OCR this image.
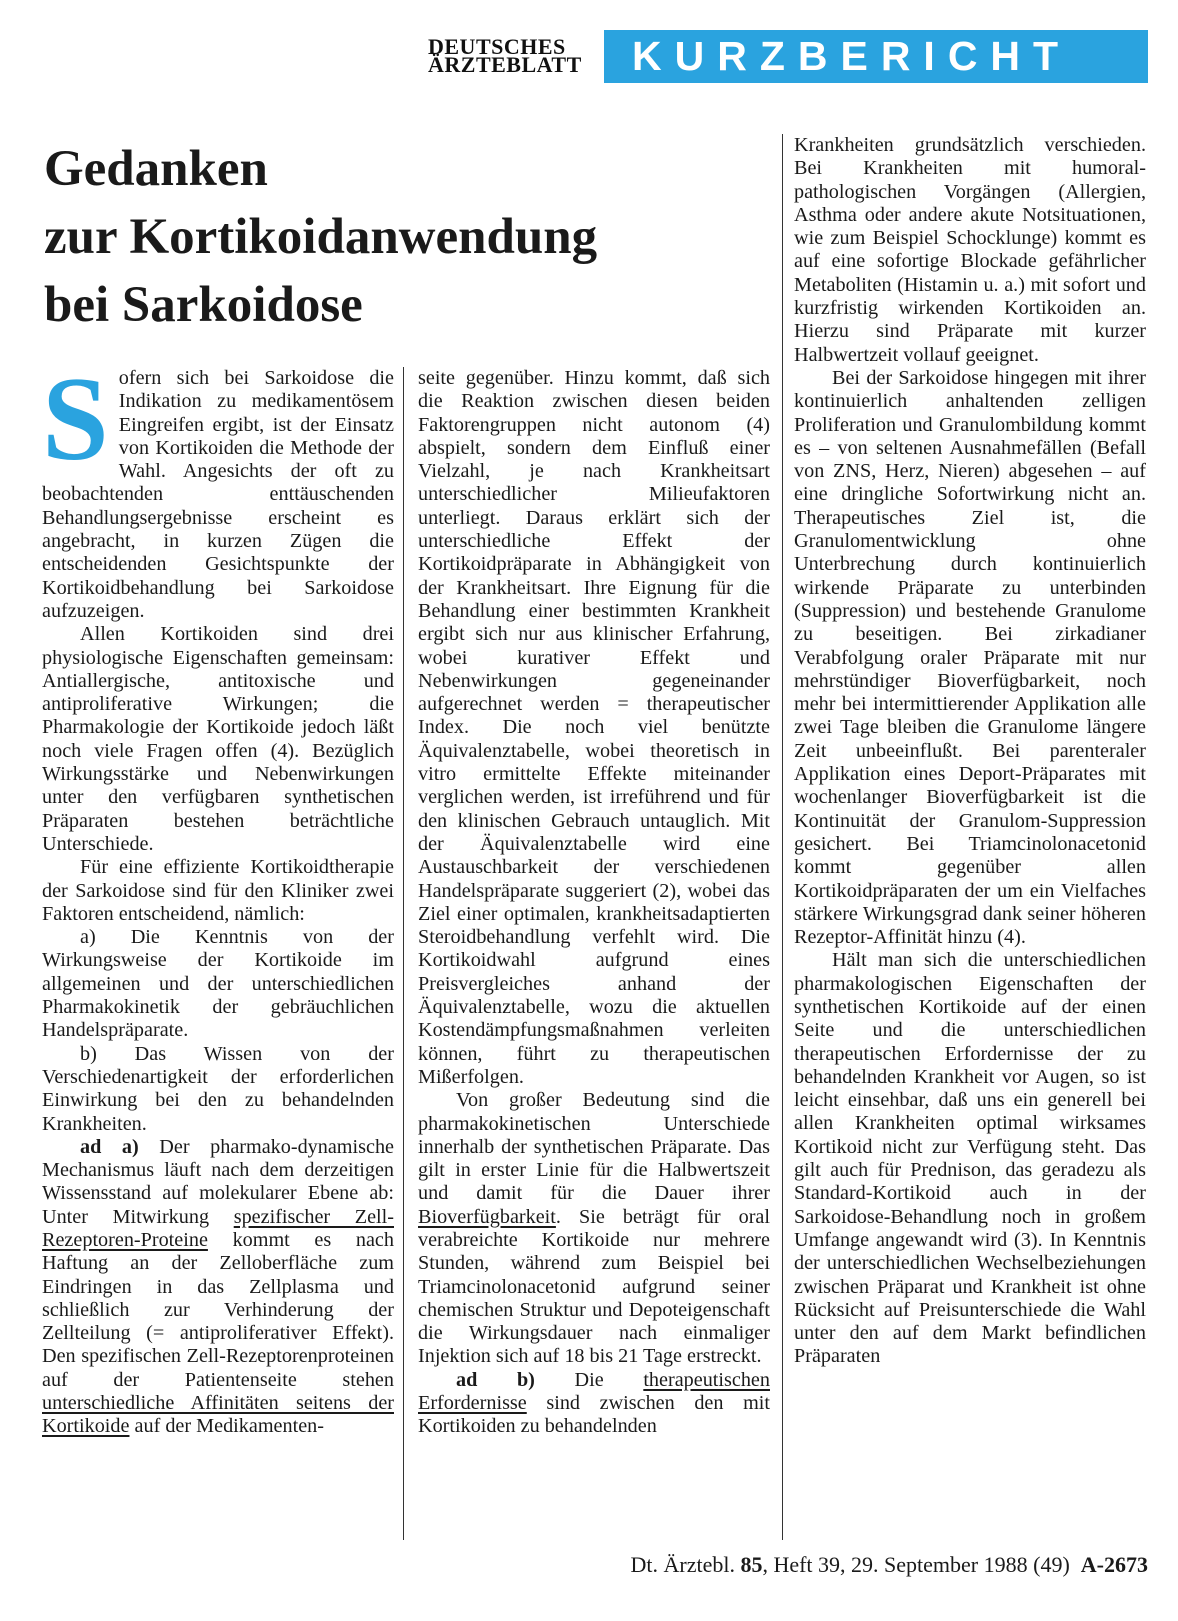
DEUTSCHES
ÄRZTEBLATT	KURZBERICHT
Gedanken
zur Kortikoidanwendung
bei Sarkoidose
S ofern sich bei Sarkoidose die Indikation zu medikamentösem Eingreifen ergibt, ist der Einsatz von Kortikoiden die Methode der Wahl. Angesichts der oft zu beobachtenden enttäuschenden Behandlungsergebnisse erscheint es angebracht, in kurzen Zügen die entscheidenden Gesichtspunkte der Kortikoidbehandlung bei Sarkoidose aufzuzeigen.

Allen Kortikoiden sind drei physiologische Eigenschaften gemeinsam: Antiallergische, antitoxische und antiproliferative Wirkungen; die Pharmakologie der Kortikoide jedoch läßt noch viele Fragen offen (4). Bezüglich Wirkungsstärke und Nebenwirkungen unter den verfügbaren synthetischen Präparaten bestehen beträchtliche Unterschiede.

Für eine effiziente Kortikoidtherapie der Sarkoidose sind für den Kliniker zwei Faktoren entscheidend, nämlich:

a) Die Kenntnis von der Wirkungsweise der Kortikoide im allgemeinen und der unterschiedlichen Pharmakokinetik der gebräuchlichen Handelspräparate.

b) Das Wissen von der Verschiedenartigkeit der erforderlichen Einwirkung bei den zu behandelnden Krankheiten.

ad a) Der pharmako-dynamische Mechanismus läuft nach dem derzeitigen Wissensstand auf molekularer Ebene ab: Unter Mitwirkung spezifischer Zell-Rezeptoren-Proteine kommt es nach Haftung an der Zelloberfläche zum Eindringen in das Zellplasma und schließlich zur Verhinderung der Zellteilung (= antiproliferativer Effekt). Den spezifischen Zell-Rezeptorenproteinen auf der Patientenseite stehen unterschiedliche Affinitäten seitens der Kortikoide auf der Medikamenten-

seite gegenüber. Hinzu kommt, daß sich die Reaktion zwischen diesen beiden Faktorengruppen nicht autonom (4) abspielt, sondern dem Einfluß einer Vielzahl, je nach Krankheitsart unterschiedlicher Milieufaktoren unterliegt. Daraus erklärt sich der unterschiedliche Effekt der Kortikoidpräparate in Abhängigkeit von der Krankheitsart. Ihre Eignung für die Behandlung einer bestimmten Krankheit ergibt sich nur aus klinischer Erfahrung, wobei kurativer Effekt und Nebenwirkungen gegeneinander aufgerechnet werden = therapeutischer Index. Die noch viel benützte Äquivalenztabelle, wobei theoretisch in vitro ermittelte Effekte miteinander verglichen werden, ist irreführend und für den klinischen Gebrauch untauglich. Mit der Äquivalenztabelle wird eine Austauschbarkeit der verschiedenen Handelspräparate suggeriert (2), wobei das Ziel einer optimalen, krankheitsadaptierten Steroidbehandlung verfehlt wird. Die Kortikoidwahl aufgrund eines Preisvergleiches anhand der Äquivalenztabelle, wozu die aktuellen Kostendämpfungsmaßnahmen verleiten können, führt zu therapeutischen Mißerfolgen.

Von großer Bedeutung sind die pharmakokinetischen Unterschiede innerhalb der synthetischen Präparate. Das gilt in erster Linie für die Halbwertszeit und damit für die Dauer ihrer Bioverfügbarkeit. Sie beträgt für oral verabreichte Kortikoide nur mehrere Stunden, während zum Beispiel bei Triamcinolonacetonid aufgrund seiner chemischen Struktur und Depoteigenschaft die Wirkungsdauer nach einmaliger Injektion sich auf 18 bis 21 Tage erstreckt.

ad b) Die therapeutischen Erfordernisse sind zwischen den mit Kortikoiden zu behandelnden

Krankheiten grundsätzlich verschieden. Bei Krankheiten mit humoral-pathologischen Vorgängen (Allergien, Asthma oder andere akute Notsituationen, wie zum Beispiel Schocklunge) kommt es auf eine sofortige Blockade gefährlicher Metaboliten (Histamin u. a.) mit sofort und kurzfristig wirkenden Kortikoiden an. Hierzu sind Präparate mit kurzer Halbwertzeit vollauf geeignet.

Bei der Sarkoidose hingegen mit ihrer kontinuierlich anhaltenden zelligen Proliferation und Granulombildung kommt es – von seltenen Ausnahmefällen (Befall von ZNS, Herz, Nieren) abgesehen – auf eine dringliche Sofortwirkung nicht an. Therapeutisches Ziel ist, die Granulomentwicklung ohne Unterbrechung durch kontinuierlich wirkende Präparate zu unterbinden (Suppression) und bestehende Granulome zu beseitigen. Bei zirkadianer Verabfolgung oraler Präparate mit nur mehrstündiger Bioverfügbarkeit, noch mehr bei intermittierender Applikation alle zwei Tage bleiben die Granulome längere Zeit unbeeinflußt. Bei parenteraler Applikation eines Deport-Präparates mit wochenlanger Bioverfügbarkeit ist die Kontinuität der Granulom-Suppression gesichert. Bei Triamcinolonacetonid kommt gegenüber allen Kortikoidpräparaten der um ein Vielfaches stärkere Wirkungsgrad dank seiner höheren Rezeptor-Affinität hinzu (4).

Hält man sich die unterschiedlichen pharmakologischen Eigenschaften der synthetischen Kortikoide auf der einen Seite und die unterschiedlichen therapeutischen Erfordernisse der zu behandelnden Krankheit vor Augen, so ist leicht einsehbar, daß uns ein generell bei allen Krankheiten optimal wirksames Kortikoid nicht zur Verfügung steht. Das gilt auch für Prednison, das geradezu als Standard-Kortikoid auch in der Sarkoidose-Behandlung noch in großem Umfange angewandt wird (3). In Kenntnis der unterschiedlichen Wechselbeziehungen zwischen Präparat und Krankheit ist ohne Rücksicht auf Preisunterschiede die Wahl unter den auf dem Markt befindlichen Präparaten

Dt. Ärztebl. 85, Heft 39, 29. September 1988 (49) A-2673
